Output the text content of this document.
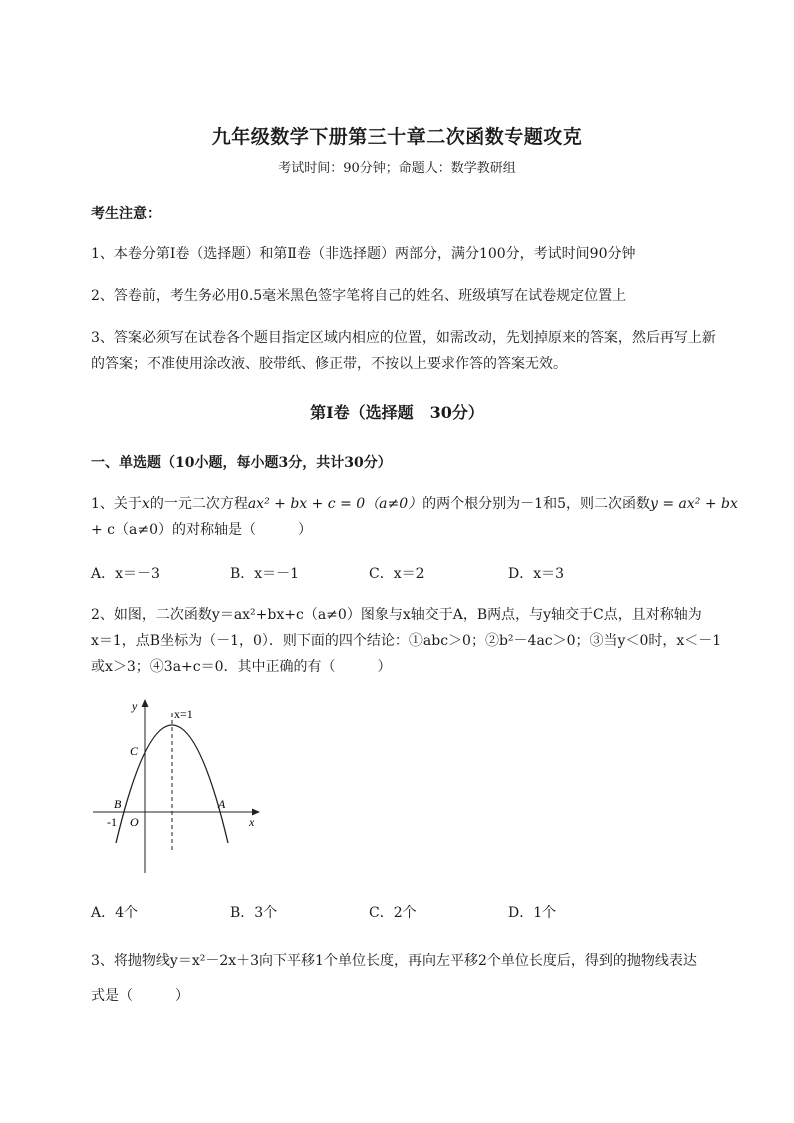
九年级数学下册第三十章二次函数专题攻克
考试时间：90分钟；命题人：数学教研组
考生注意：
1、本卷分第I卷（选择题）和第Ⅱ卷（非选择题）两部分，满分100分，考试时间90分钟
2、答卷前，考生务必用0.5毫米黑色签字笔将自己的姓名、班级填写在试卷规定位置上
3、答案必须写在试卷各个题目指定区域内相应的位置，如需改动，先划掉原来的答案，然后再写上新
的答案；不准使用涂改液、胶带纸、修正带，不按以上要求作答的答案无效。
第I卷（选择题　30分）
一、单选题（10小题，每小题3分，共计30分）
1、关于x的一元二次方程ax² + bx + c = 0（a≠0）的两个根分别为－1和5，则二次函数y = ax² + bx
+ c（a≠0）的对称轴是（　　　）
A．x＝－3	B．x＝－1	C．x＝2	D．x＝3
2、如图，二次函数y＝ax²+bx+c（a≠0）图象与x轴交于A，B两点，与y轴交于C点，且对称轴为
x＝1，点B坐标为（－1，0）．则下面的四个结论：①abc＞0；②b²－4ac＞0；③当y＜0时，x＜－1
或x＞3；④3a+c＝0．其中正确的有（　　　）
y
x=1
C
B	A
x
-1 O
A．4个	B．3个	C．2个	D．1个
3、将抛物线y＝x²－2x＋3向下平移1个单位长度，再向左平移2个单位长度后，得到的抛物线表达
式是（　　　）
